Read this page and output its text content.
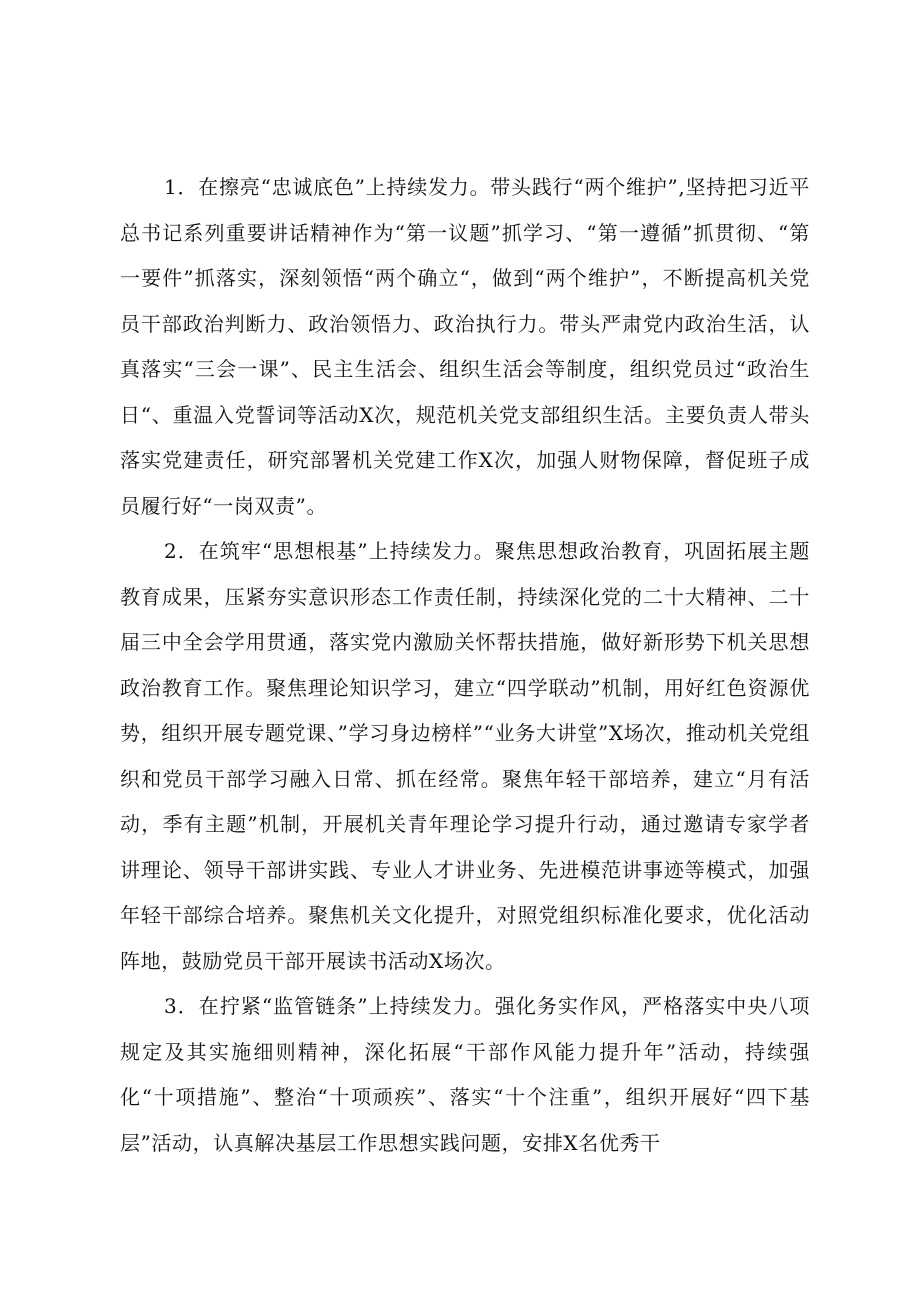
1．在擦亮“忠诚底色”上持续发力。带头践行“两个维护”,坚持把习近平总书记系列重要讲话精神作为“第一议题”抓学习、“第一遵循”抓贯彻、“第一要件”抓落实，深刻领悟“两个确立“，做到“两个维护”，不断提高机关党员干部政治判断力、政治领悟力、政治执行力。带头严肃党内政治生活，认真落实“三会一课”、民主生活会、组织生活会等制度，组织党员过“政治生日“、重温入党誓词等活动X次，规范机关党支部组织生活。主要负责人带头落实党建责任，研究部署机关党建工作X次，加强人财物保障，督促班子成员履行好“一岗双责”。

2．在筑牢“思想根基”上持续发力。聚焦思想政治教育，巩固拓展主题教育成果，压紧夯实意识形态工作责任制，持续深化党的二十大精神、二十届三中全会学用贯通，落实党内激励关怀帮扶措施，做好新形势下机关思想政治教育工作。聚焦理论知识学习，建立“四学联动”机制，用好红色资源优势，组织开展专题党课、”学习身边榜样”“业务大讲堂”X场次，推动机关党组织和党员干部学习融入日常、抓在经常。聚焦年轻干部培养，建立“月有活动，季有主题”机制，开展机关青年理论学习提升行动，通过邀请专家学者讲理论、领导干部讲实践、专业人才讲业务、先进模范讲事迹等模式，加强年轻干部综合培养。聚焦机关文化提升，对照党组织标准化要求，优化活动阵地，鼓励党员干部开展读书活动X场次。

3．在拧紧“监管链条”上持续发力。强化务实作风，严格落实中央八项规定及其实施细则精神，深化拓展“干部作风能力提升年”活动，持续强化“十项措施”、整治“十项顽疾”、落实“十个注重”，组织开展好“四下基层”活动，认真解决基层工作思想实践问题，安排X名优秀干
